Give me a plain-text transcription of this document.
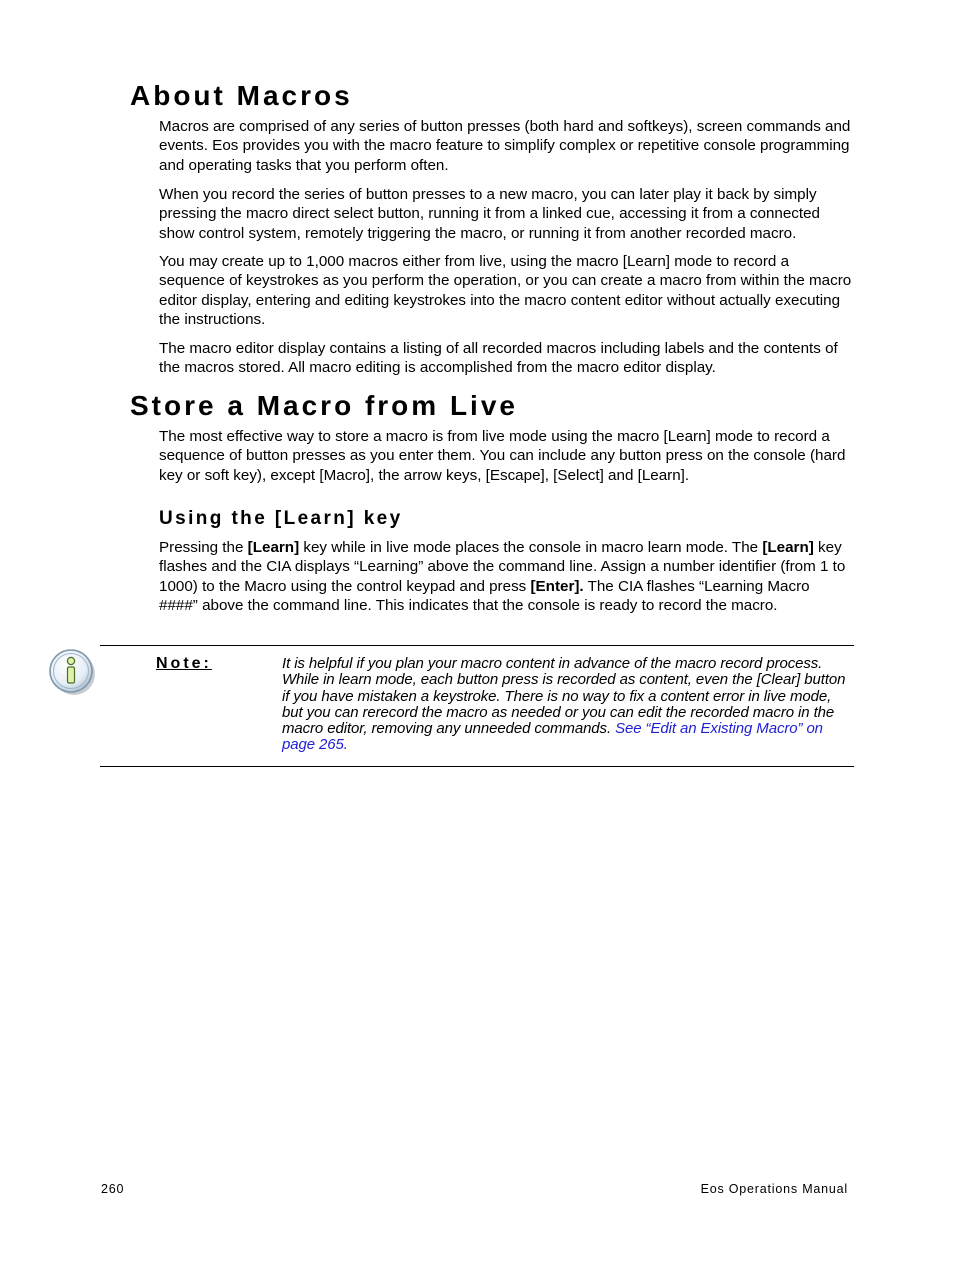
About Macros

Macros are comprised of any series of button presses (both hard and softkeys), screen commands and events. Eos provides you with the macro feature to simplify complex or repetitive console programming and operating tasks that you perform often.

When you record the series of button presses to a new macro, you can later play it back by simply pressing the macro direct select button, running it from a linked cue, accessing it from a connected show control system, remotely triggering the macro, or running it from another recorded macro.

You may create up to 1,000 macros either from live, using the macro [Learn] mode to record a sequence of keystrokes as you perform the operation, or you can create a macro from within the macro editor display, entering and editing keystrokes into the macro content editor without actually executing the instructions.

The macro editor display contains a listing of all recorded macros including labels and the contents of the macros stored. All macro editing is accomplished from the macro editor display.

Store a Macro from Live

The most effective way to store a macro is from live mode using the macro [Learn] mode to record a sequence of button presses as you enter them. You can include any button press on the console (hard key or soft key), except [Macro], the arrow keys, [Escape], [Select] and [Learn].

Using the [Learn] key

Pressing the [Learn] key while in live mode places the console in macro learn mode. The [Learn] key flashes and the CIA displays “Learning” above the command line. Assign a number identifier (from 1 to 1000) to the Macro using the control keypad and press [Enter]. The CIA flashes “Learning Macro ####” above the command line. This indicates that the console is ready to record the macro.

Note:	It is helpful if you plan your macro content in advance of the macro record process. While in learn mode, each button press is recorded as content, even the [Clear] button if you have mistaken a keystroke. There is no way to fix a content error in live mode, but you can rerecord the macro as needed or you can edit the recorded macro in the macro editor, removing any unneeded commands. See “Edit an Existing Macro” on page 265.

260	Eos Operations Manual
